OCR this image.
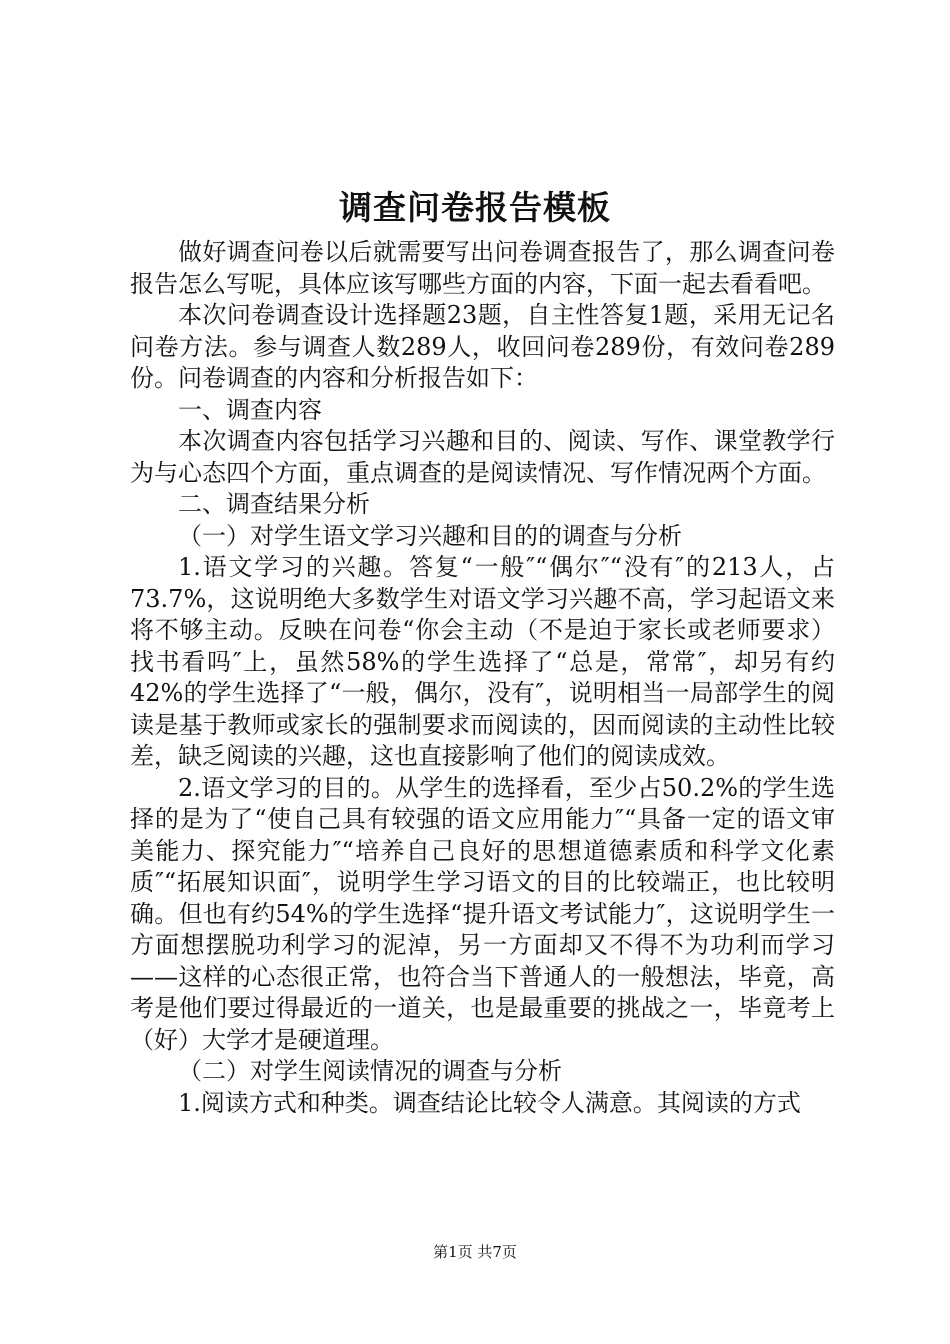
调查问卷报告模板

做好调查问卷以后就需要写出问卷调查报告了，那么调查问卷报告怎么写呢，具体应该写哪些方面的内容，下面一起去看看吧。

本次问卷调查设计选择题23题，自主性答复1题，采用无记名问卷方法。参与调查人数289人，收回问卷289份，有效问卷289份。问卷调查的内容和分析报告如下：

一、调查内容

本次调查内容包括学习兴趣和目的、阅读、写作、课堂教学行为与心态四个方面，重点调查的是阅读情况、写作情况两个方面。

二、调查结果分析

（一）对学生语文学习兴趣和目的的调查与分析

1.语文学习的兴趣。答复“一般″“偶尔″“没有″的213人，占73.7%，这说明绝大多数学生对语文学习兴趣不高，学习起语文来将不够主动。反映在问卷“你会主动（不是迫于家长或老师要求）找书看吗″上，虽然58%的学生选择了“总是，常常″，却另有约42%的学生选择了“一般，偶尔，没有″，说明相当一局部学生的阅读是基于教师或家长的强制要求而阅读的，因而阅读的主动性比较差，缺乏阅读的兴趣，这也直接影响了他们的阅读成效。

2.语文学习的目的。从学生的选择看，至少占50.2%的学生选择的是为了“使自己具有较强的语文应用能力″“具备一定的语文审美能力、探究能力″“培养自己良好的思想道德素质和科学文化素质″“拓展知识面″，说明学生学习语文的目的比较端正，也比较明确。但也有约54%的学生选择“提升语文考试能力″，这说明学生一方面想摆脱功利学习的泥淖，另一方面却又不得不为功利而学习——这样的心态很正常，也符合当下普通人的一般想法，毕竟，高考是他们要过得最近的一道关，也是最重要的挑战之一，毕竟考上（好）大学才是硬道理。

（二）对学生阅读情况的调查与分析

1.阅读方式和种类。调查结论比较令人满意。其阅读的方式

第1页 共7页
